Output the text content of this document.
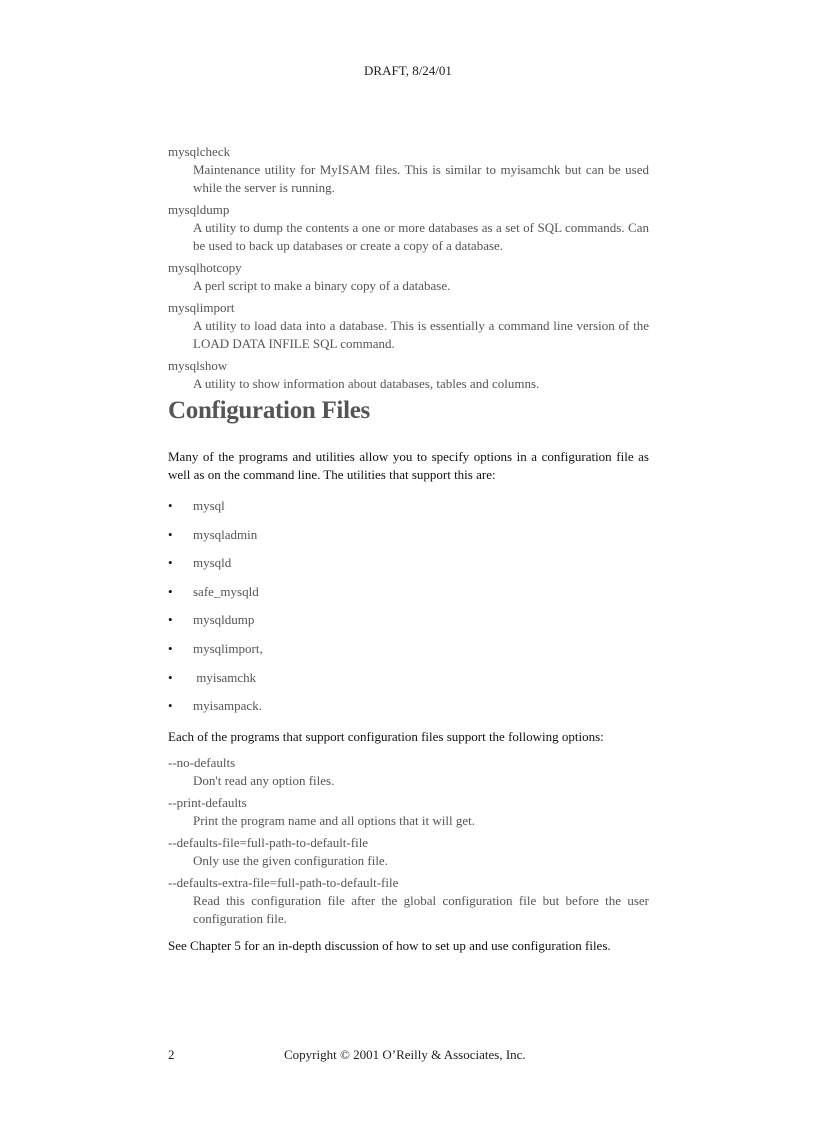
DRAFT, 8/24/01
mysqlcheck
Maintenance utility for MyISAM files. This is similar to myisamchk but can be used while the server is running.
mysqldump
A utility to dump the contents a one or more databases as a set of SQL commands. Can be used to back up databases or create a copy of a database.
mysqlhotcopy
A perl script to make a binary copy of a database.
mysqlimport
A utility to load data into a database. This is essentially a command line version of the LOAD DATA INFILE SQL command.
mysqlshow
A utility to show information about databases, tables and columns.
Configuration Files
Many of the programs and utilities allow you to specify options in a configuration file as well as on the command line. The utilities that support this are:
• mysql
• mysqladmin
• mysqld
• safe_mysqld
• mysqldump
• mysqlimport,
• myisamchk
• myisampack.
Each of the programs that support configuration files support the following options:
--no-defaults
Don't read any option files.
--print-defaults
Print the program name and all options that it will get.
--defaults-file=full-path-to-default-file
Only use the given configuration file.
--defaults-extra-file=full-path-to-default-file
Read this configuration file after the global configuration file but before the user configuration file.
See Chapter 5 for an in-depth discussion of how to set up and use configuration files.
2	Copyright © 2001 O’Reilly & Associates, Inc.
